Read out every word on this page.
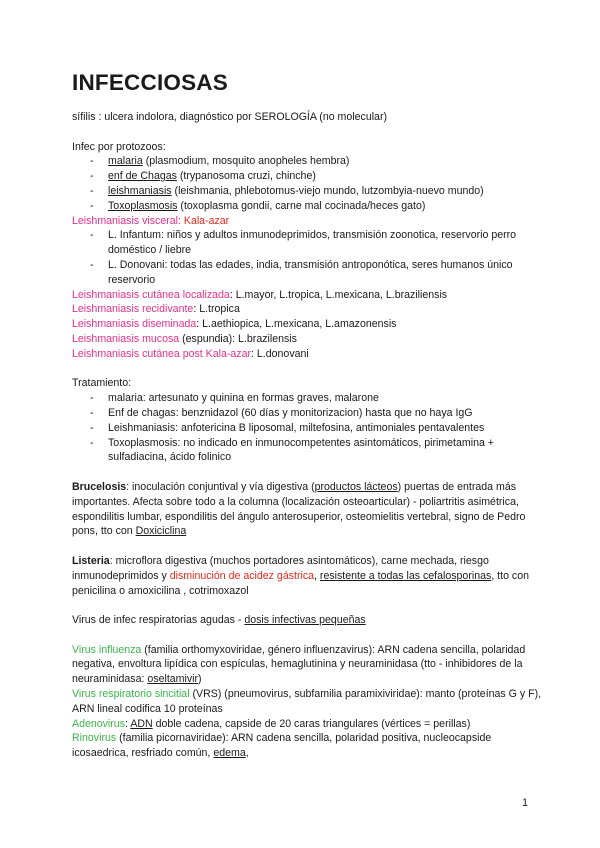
INFECCIOSAS

sífilis : ulcera indolora, diagnóstico por SEROLOGÍA (no molecular)

Infec por protozoos:

- malaria (plasmodium, mosquito anopheles hembra)
- enf de Chagas (trypanosoma cruzi, chinche)
- leishmaniasis (leishmania, phlebotomus-viejo mundo, lutzombyia-nuevo mundo)
- Toxoplasmosis (toxoplasma gondii, carne mal cocinada/heces gato)

Leishmaniasis visceral: Kala-azar

- L. Infantum: niños y adultos inmunodeprimidos, transmisión zoonotica, reservorio perro doméstico / liebre
- L. Donovani: todas las edades, india, transmisión antroponótica, seres humanos único reservorio

Leishmaniasis cutánea localizada: L.mayor, L.tropica, L.mexicana, L.braziliensis

Leishmaniasis recidivante: L.tropica

Leishmaniasis diseminada: L.aethiopica, L.mexicana, L.amazonensis

Leishmaniasis mucosa (espundia): L.brazilensis

Leishmaniasis cutánea post Kala-azar: L.donovani

Tratamiento:

- malaria: artesunato y quinina en formas graves, malarone
- Enf de chagas: benznidazol (60 días y monitorizacion) hasta que no haya IgG
- Leishmaniasis: anfotericina B liposomal, miltefosina, antimoniales pentavalentes
- Toxoplasmosis: no indicado en inmunocompetentes asintomáticos, pirimetamina + sulfadiacina, ácido folinico

Brucelosis: inoculación conjuntival y vía digestiva (productos lácteos) puertas de entrada más importantes. Afecta sobre todo a la columna (localización osteoarticular) - poliartritis asimétrica, espondilitis lumbar, espondilitis del ángulo anterosuperior, osteomielitis vertebral, signo de Pedro pons, tto con Doxiciclina

Listeria: microflora digestiva (muchos portadores asintomáticos), carne mechada, riesgo inmunodeprimidos y disminución de acidez gástrica, resistente a todas las cefalosporinas, tto con penicilina o amoxicilina , cotrimoxazol

Virus de infec respiratorias agudas - dosis infectivas pequeñas

Virus influenza (familia orthomyxoviridae, género influenzavirus): ARN cadena sencilla, polaridad negativa, envoltura lipídica con espículas, hemaglutinina y neuraminidasa (tto - inhibidores de la neuraminidasa: oseltamivir)

Virus respiratorio sincitial (VRS) (pneumovirus, subfamilia paramixiviridae): manto (proteínas G y F), ARN lineal codifica 10 proteínas

Adenovirus: ADN doble cadena, capside de 20 caras triangulares (vértices = perillas)

Rinovirus (familia picornaviridae): ARN cadena sencilla, polaridad positiva, nucleocapside icosaedrica, resfriado común, edema,

1
